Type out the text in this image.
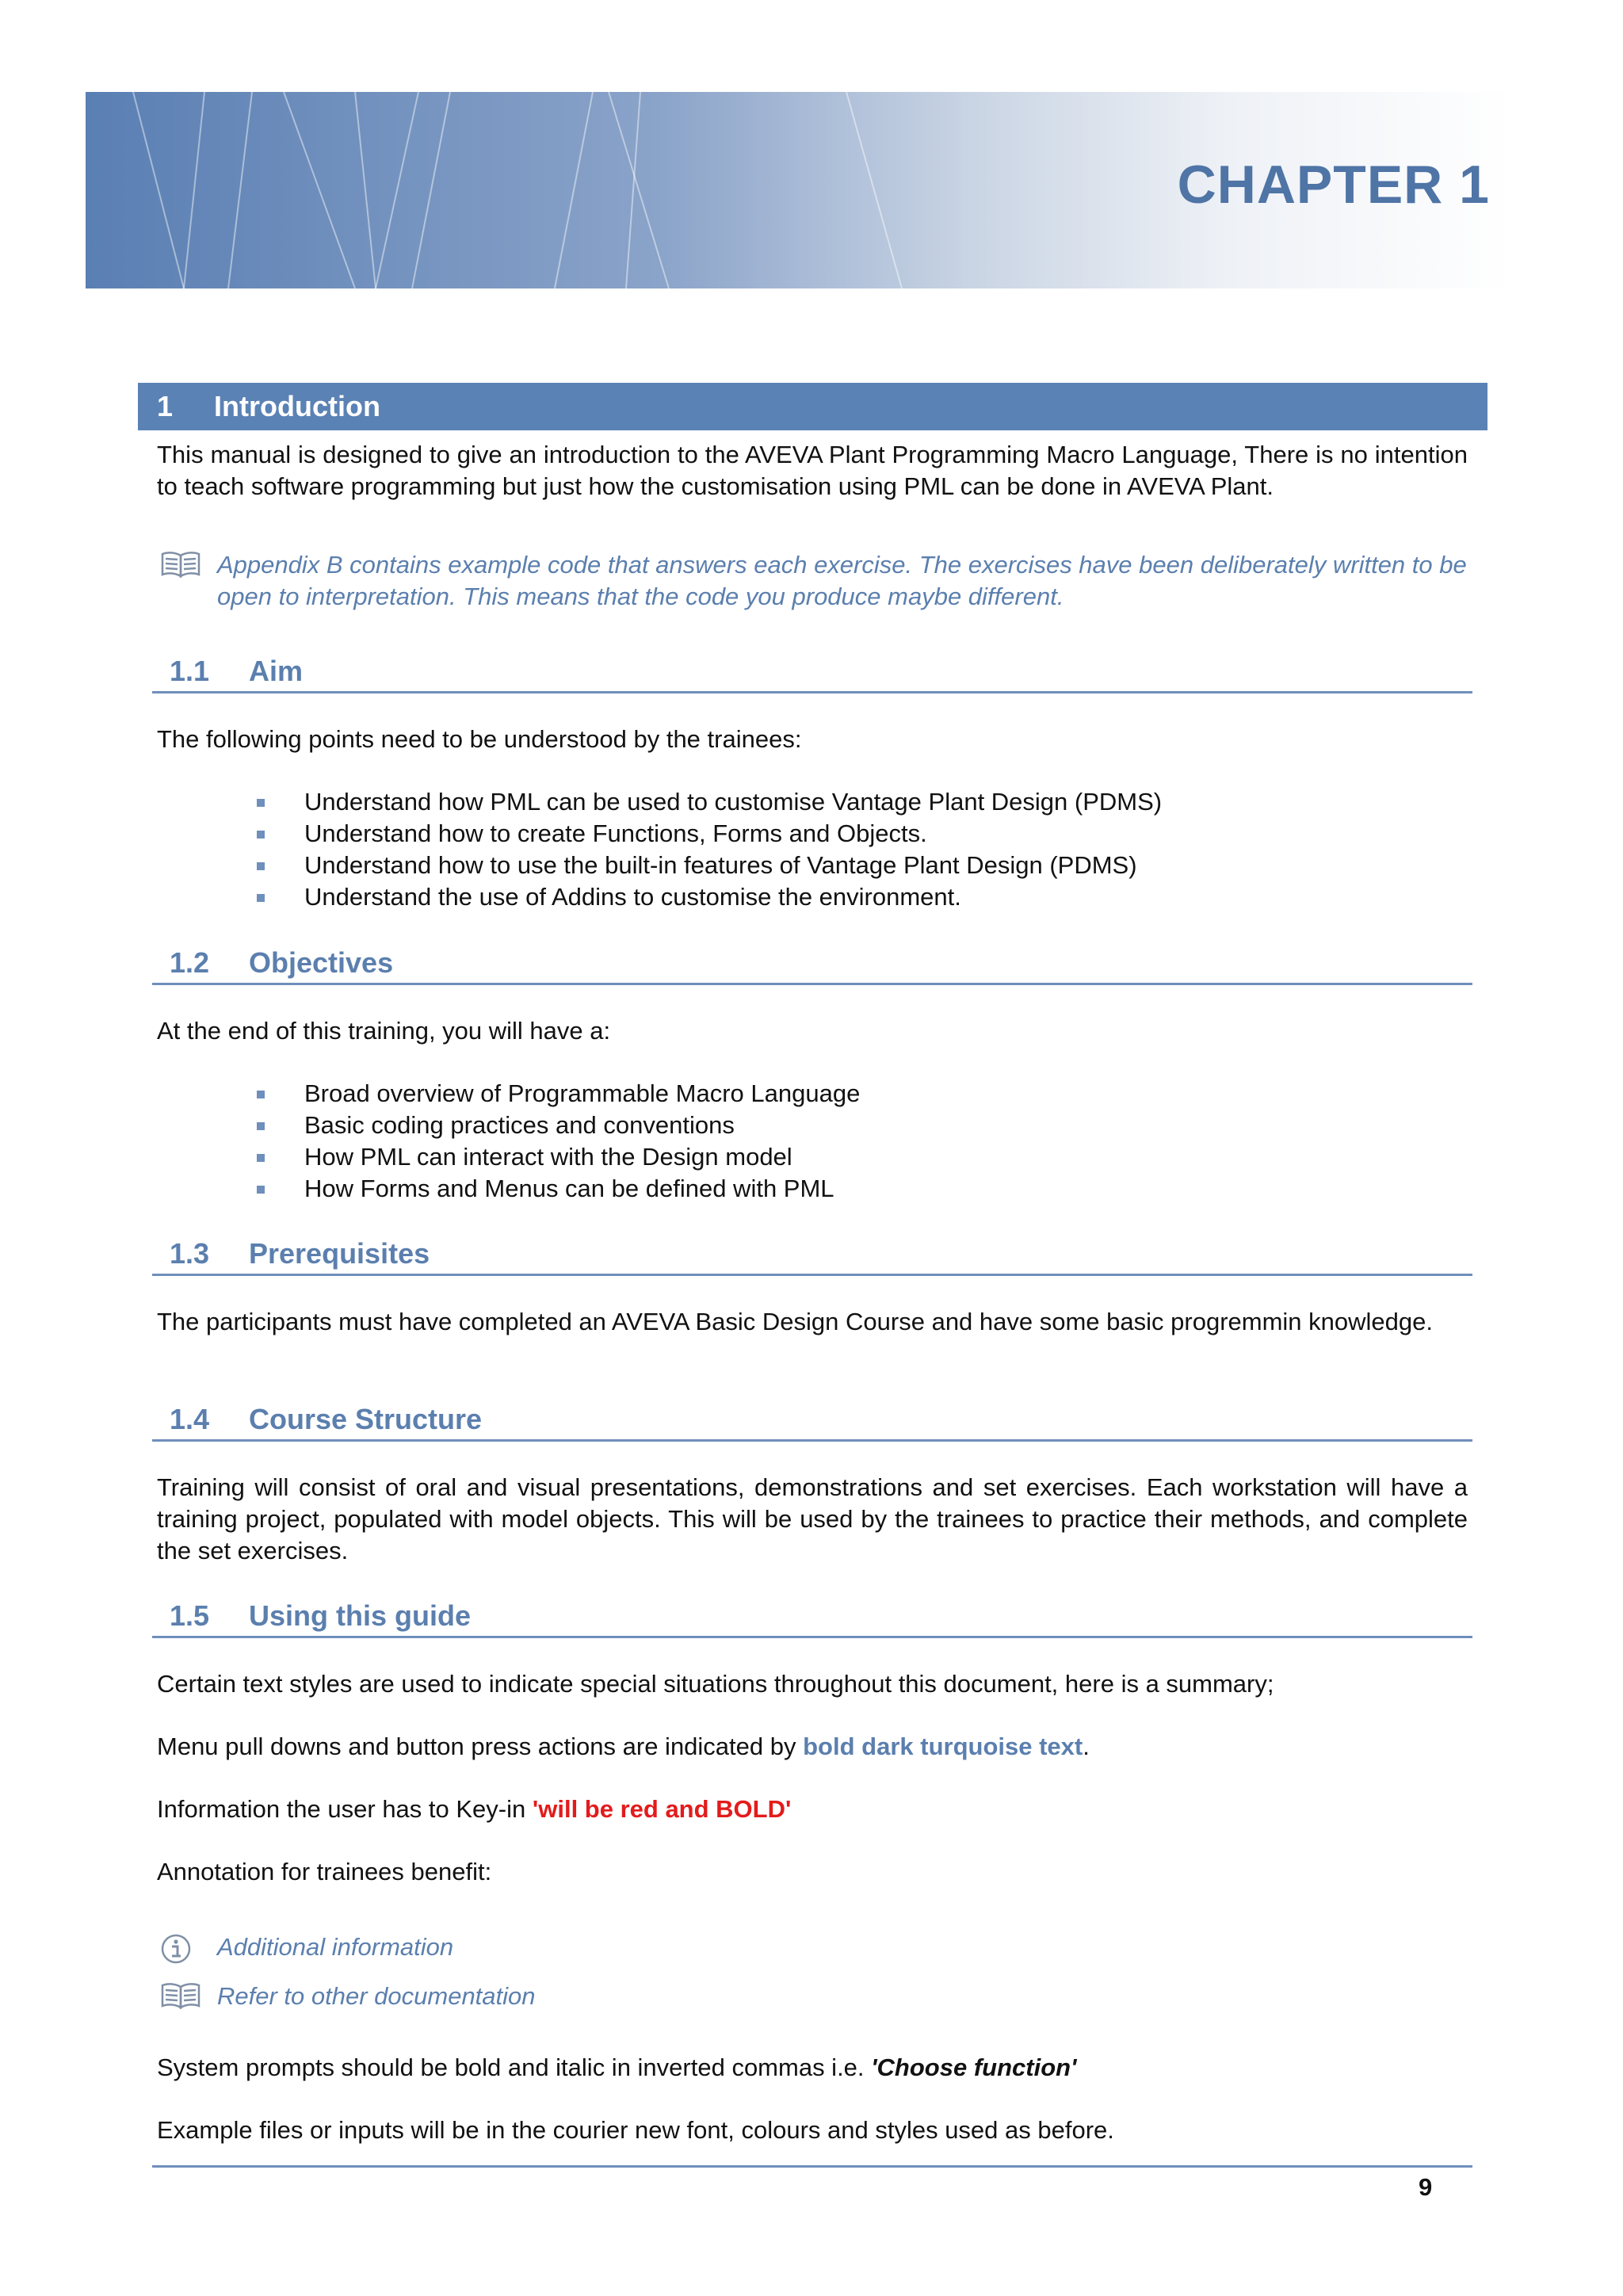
CHAPTER 1
1	Introduction

This manual is designed to give an introduction to the AVEVA Plant Programming Macro Language, There is no intention to teach software programming but just how the customisation using PML can be done in AVEVA Plant.

Appendix B contains example code that answers each exercise. The exercises have been deliberately written to be open to interpretation. This means that the code you produce maybe different.
1.1 Aim

The following points need to be understood by the trainees:

Understand how PML can be used to customise Vantage Plant Design (PDMS)
Understand how to create Functions, Forms and Objects.
Understand how to use the built-in features of Vantage Plant Design (PDMS)
Understand the use of Addins to customise the environment.
1.2 Objectives

At the end of this training, you will have a:

Broad overview of Programmable Macro Language
Basic coding practices and conventions
How PML can interact with the Design model
How Forms and Menus can be defined with PML
1.3 Prerequisites

The participants must have completed an AVEVA Basic Design Course and have some basic progremmin knowledge.

1.4 Course Structure

Training will consist of oral and visual presentations, demonstrations and set exercises. Each workstation will have a training project, populated with model objects. This will be used by the trainees to practice their methods, and complete the set exercises.

1.5 Using this guide

Certain text styles are used to indicate special situations throughout this document, here is a summary;

Menu pull downs and button press actions are indicated by bold dark turquoise text.

Information the user has to Key-in 'will be red and BOLD'

Annotation for trainees benefit:

Additional information
Refer to other documentation

System prompts should be bold and italic in inverted commas i.e. 'Choose function'

Example files or inputs will be in the courier new font, colours and styles used as before.

9
